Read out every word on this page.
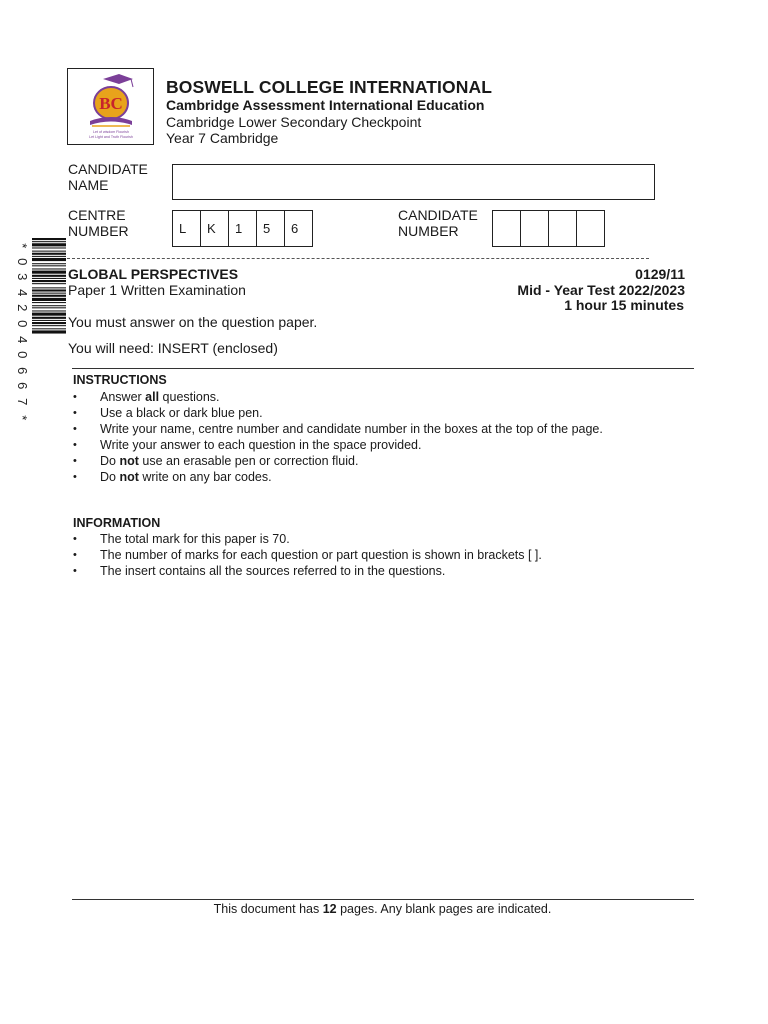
BC
Let of wisdom Flourish
Let Light and Truth Flourish
BOSWELL COLLEGE INTERNATIONAL
Cambridge Assessment International Education
Cambridge Lower Secondary Checkpoint
Year 7 Cambridge
CANDIDATE
NAME
CENTRE
NUMBER	L	K	1	5	6
CANDIDATE
NUMBER
*
0
3
4
2
0
4
0
6
6
7
*
GLOBAL PERSPECTIVES
Paper 1 Written Examination
0129/11
Mid - Year Test 2022/2023
1 hour 15 minutes
You must answer on the question paper.
You will need: INSERT (enclosed)
INSTRUCTIONS
• Answer all questions.
• Use a black or dark blue pen.
• Write your name, centre number and candidate number in the boxes at the top of the page.
• Write your answer to each question in the space provided.
• Do not use an erasable pen or correction fluid.
• Do not write on any bar codes.
INFORMATION
• The total mark for this paper is 70.
• The number of marks for each question or part question is shown in brackets [ ].
• The insert contains all the sources referred to in the questions.
This document has 12 pages. Any blank pages are indicated.
